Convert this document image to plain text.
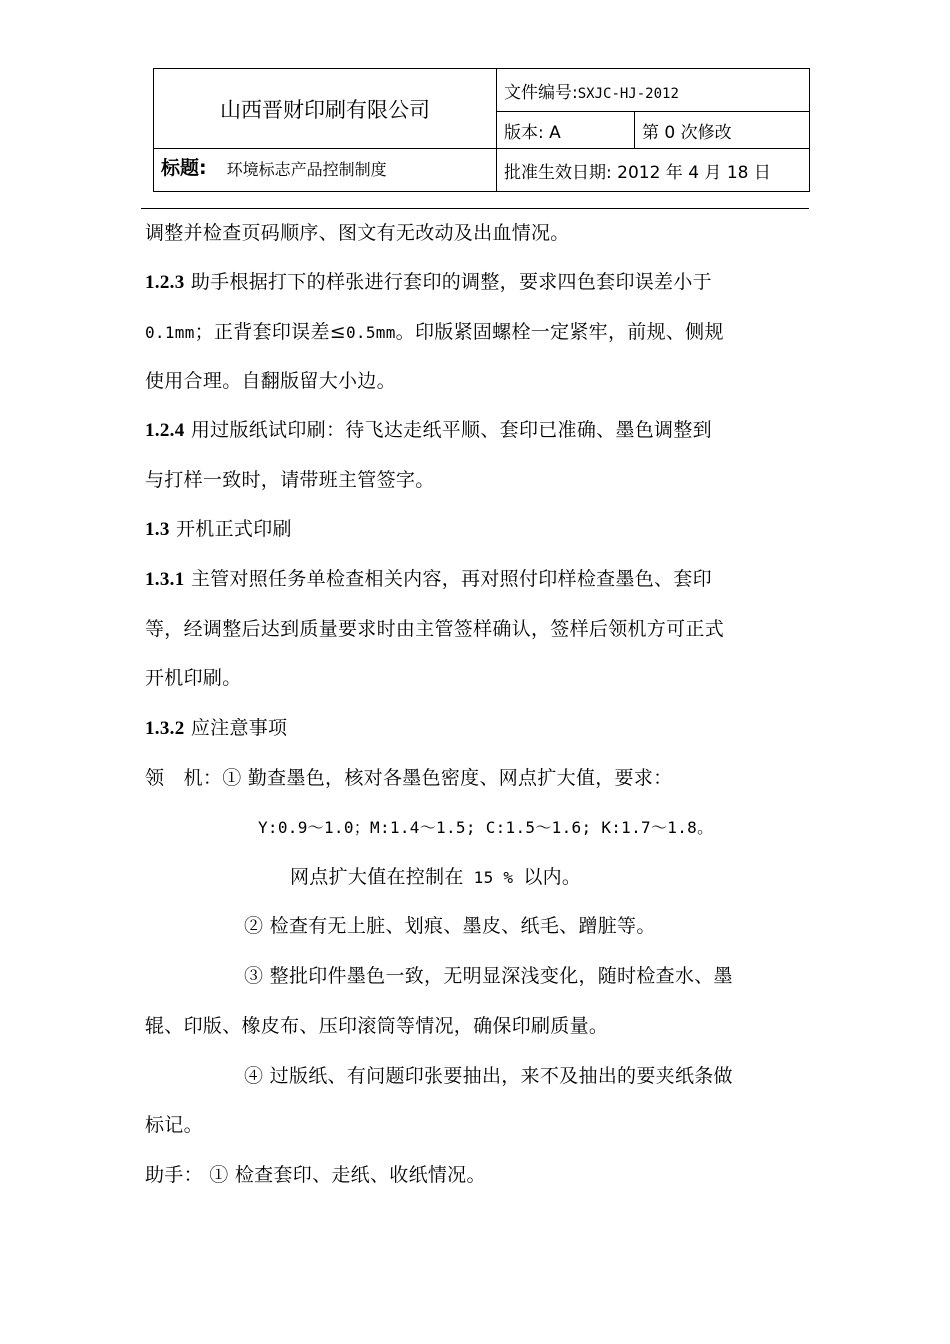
山西晋财印刷有限公司	文件编号:SXJC-HJ-2012	
	版本: A	第 0 次修改
标题: 环境标志产品控制制度	批准生效日期: 2012 年 4 月 18 日	
调整并检查页码顺序、图文有无改动及出血情况。
1.2.3 助手根据打下的样张进行套印的调整，要求四色套印误差小于
0.1mm；正背套印误差≤0.5mm。印版紧固螺栓一定紧牢，前规、侧规
使用合理。自翻版留大小边。
1.2.4 用过版纸试印刷：待飞达走纸平顺、套印已准确、墨色调整到
与打样一致时，请带班主管签字。
1.3 开机正式印刷
1.3.1 主管对照任务单检查相关内容，再对照付印样检查墨色、套印
等，经调整后达到质量要求时由主管签样确认，签样后领机方可正式
开机印刷。
1.3.2 应注意事项
领　机：① 勤查墨色，核对各墨色密度、网点扩大值，要求：
Y:0.9～1.0；M:1.4～1.5; C:1.5～1.6; K:1.7～1.8。
网点扩大值在控制在 15 % 以内。
② 检查有无上脏、划痕、墨皮、纸毛、蹭脏等。
③ 整批印件墨色一致，无明显深浅变化，随时检查水、墨
辊、印版、橡皮布、压印滚筒等情况，确保印刷质量。
④ 过版纸、有问题印张要抽出，来不及抽出的要夹纸条做
标记。
助手： ① 检查套印、走纸、收纸情况。
